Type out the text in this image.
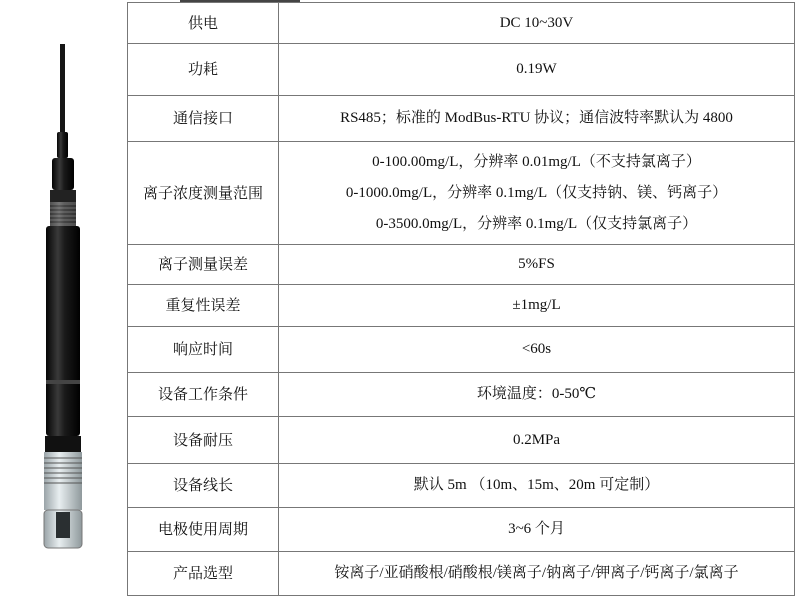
供电	DC 10~30V
功耗	0.19W
通信接口	RS485；标准的 ModBus-RTU 协议；通信波特率默认为 4800
离子浓度测量范围	0-100.00mg/L，分辨率 0.01mg/L（不支持氯离子）
0-1000.0mg/L，分辨率 0.1mg/L（仅支持钠、镁、钙离子）
0-3500.0mg/L，分辨率 0.1mg/L（仅支持氯离子）

离子测量误差	5%FS
重复性误差	±1mg/L
响应时间	<60s
设备工作条件	环境温度：0-50℃
设备耐压	0.2MPa
设备线长	默认 5m （10m、15m、20m 可定制）
电极使用周期	3~6 个月
产品选型	铵离子/亚硝酸根/硝酸根/镁离子/钠离子/钾离子/钙离子/氯离子
